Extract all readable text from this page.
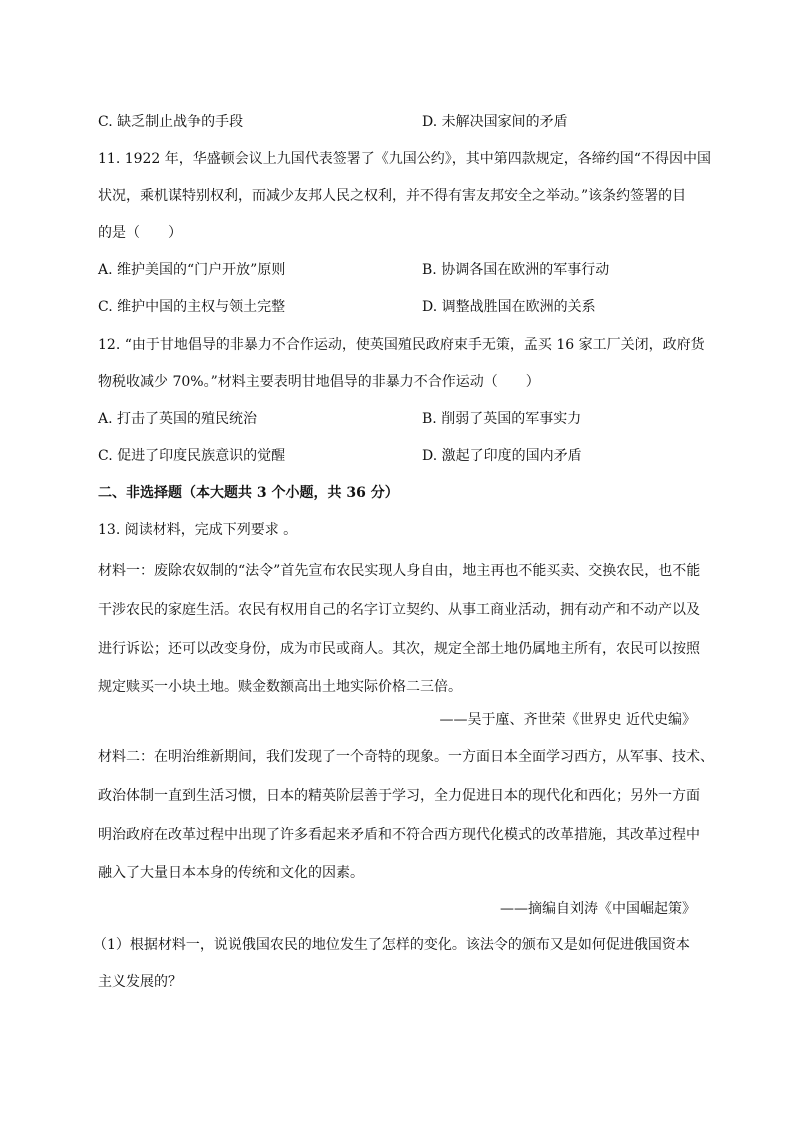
C. 缺乏制止战争的手段	D. 未解决国家间的矛盾
11. 1922 年，华盛顿会议上九国代表签署了《九国公约》，其中第四款规定，各缔约国“不得因中国
状况，乘机谋特别权利，而减少友邦人民之权利，并不得有害友邦安全之举动。”该条约签署的目
的是（　　）
A. 维护美国的“门户开放”原则	B. 协调各国在欧洲的军事行动
C. 维护中国的主权与领土完整	D. 调整战胜国在欧洲的关系
12. “由于甘地倡导的非暴力不合作运动，使英国殖民政府束手无策，孟买 16 家工厂关闭，政府货
物税收减少 70%。”材料主要表明甘地倡导的非暴力不合作运动（　　）
A. 打击了英国的殖民统治	B. 削弱了英国的军事实力
C. 促进了印度民族意识的觉醒	D. 激起了印度的国内矛盾
二、非选择题（本大题共 3 个小题，共 36 分）
13. 阅读材料，完成下列要求 。
材料一：废除农奴制的“法令”首先宣布农民实现人身自由，地主再也不能买卖、交换农民，也不能
干涉农民的家庭生活。农民有权用自己的名字订立契约、从事工商业活动，拥有动产和不动产以及
进行诉讼；还可以改变身份，成为市民或商人。其次，规定全部土地仍属地主所有，农民可以按照
规定赎买一小块土地。赎金数额高出土地实际价格二三倍。
——吴于廑、齐世荣《世界史 近代史编》
材料二：在明治维新期间，我们发现了一个奇特的现象。一方面日本全面学习西方，从军事、技术、
政治体制一直到生活习惯，日本的精英阶层善于学习，全力促进日本的现代化和西化；另外一方面
明治政府在改革过程中出现了许多看起来矛盾和不符合西方现代化模式的改革措施，其改革过程中
融入了大量日本本身的传统和文化的因素。
——摘编自刘涛《中国崛起策》
（1）根据材料一，说说俄国农民的地位发生了怎样的变化。该法令的颁布又是如何促进俄国资本
主义发展的？
